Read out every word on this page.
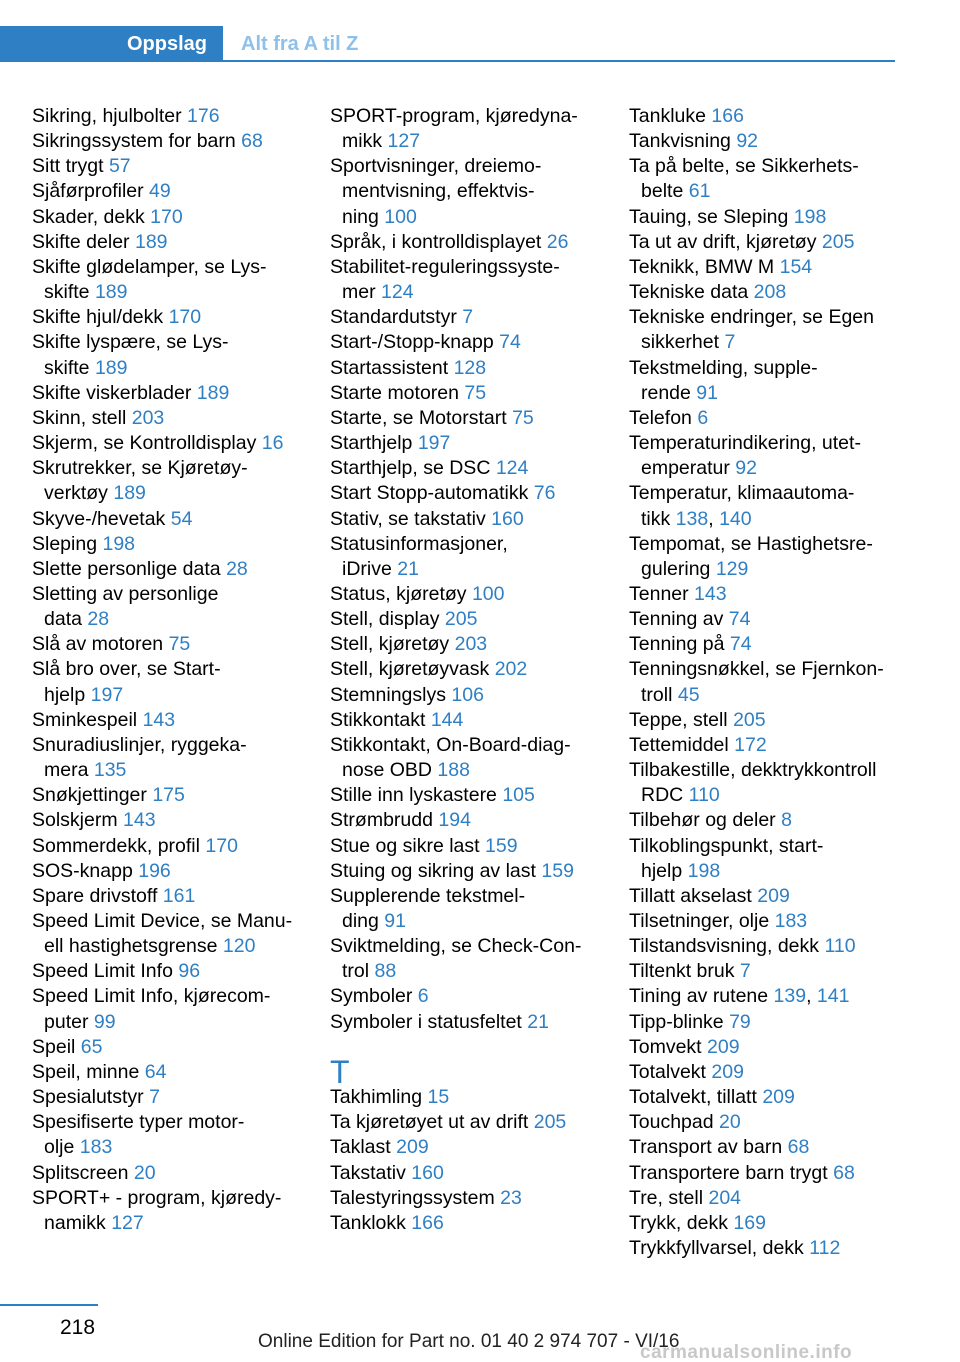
Oppslag	Alt fra A til Z
Sikring, hjulbolter 176
Sikringssystem for barn 68
Sitt trygt 57
Sjåførprofiler 49
Skader, dekk 170
Skifte deler 189
Skifte glødelamper, se Lys-
skifte 189
Skifte hjul/dekk 170
Skifte lyspære, se Lys-
skifte 189
Skifte viskerblader 189
Skinn, stell 203
Skjerm, se Kontrolldisplay 16
Skrutrekker, se Kjøretøy-
verktøy 189
Skyve-/hevetak 54
Sleping 198
Slette personlige data 28
Sletting av personlige
data 28
Slå av motoren 75
Slå bro over, se Start-
hjelp 197
Sminkespeil 143
Snuradiuslinjer, ryggeka-
mera 135
Snøkjettinger 175
Solskjerm 143
Sommerdekk, profil 170
SOS-knapp 196
Spare drivstoff 161
Speed Limit Device, se Manu-
ell hastighetsgrense 120
Speed Limit Info 96
Speed Limit Info, kjørecom-
puter 99
Speil 65
Speil, minne 64
Spesialutstyr 7
Spesifiserte typer motor-
olje 183
Splitscreen 20
SPORT+ - program, kjøredy-
namikk 127
SPORT-program, kjøredyna-
mikk 127
Sportvisninger, dreiemo-
mentvisning, effektvis-
ning 100
Språk, i kontrolldisplayet 26
Stabilitet-reguleringssyste-
mer 124
Standardutstyr 7
Start-/Stopp-knapp 74
Startassistent 128
Starte motoren 75
Starte, se Motorstart 75
Starthjelp 197
Starthjelp, se DSC 124
Start Stopp-automatikk 76
Stativ, se takstativ 160
Statusinformasjoner,
iDrive 21
Status, kjøretøy 100
Stell, display 205
Stell, kjøretøy 203
Stell, kjøretøyvask 202
Stemningslys 106
Stikkontakt 144
Stikkontakt, On-Board-diag-
nose OBD 188
Stille inn lyskastere 105
Strømbrudd 194
Stue og sikre last 159
Stuing og sikring av last 159
Supplerende tekstmel-
ding 91
Sviktmelding, se Check-Con-
trol 88
Symboler 6
Symboler i statusfeltet 21
T
Takhimling 15
Ta kjøretøyet ut av drift 205
Taklast 209
Takstativ 160
Talestyringssystem 23
Tanklokk 166
Tankluke 166
Tankvisning 92
Ta på belte, se Sikkerhets-
belte 61
Tauing, se Sleping 198
Ta ut av drift, kjøretøy 205
Teknikk, BMW M 154
Tekniske data 208
Tekniske endringer, se Egen
sikkerhet 7
Tekstmelding, supple-
rende 91
Telefon 6
Temperaturindikering, utet-
emperatur 92
Temperatur, klimaautoma-
tikk 138, 140
Tempomat, se Hastighetsre-
gulering 129
Tenner 143
Tenning av 74
Tenning på 74
Tenningsnøkkel, se Fjernkon-
troll 45
Teppe, stell 205
Tettemiddel 172
Tilbakestille, dekktrykkontroll
RDC 110
Tilbehør og deler 8
Tilkoblingspunkt, start-
hjelp 198
Tillatt akselast 209
Tilsetninger, olje 183
Tilstandsvisning, dekk 110
Tiltenkt bruk 7
Tining av rutene 139, 141
Tipp-blinke 79
Tomvekt 209
Totalvekt 209
Totalvekt, tillatt 209
Touchpad 20
Transport av barn 68
Transportere barn trygt 68
Tre, stell 204
Trykk, dekk 169
Trykkfyllvarsel, dekk 112
218
Online Edition for Part no. 01 40 2 974 707 - VI/16
carmanualsonline.info
